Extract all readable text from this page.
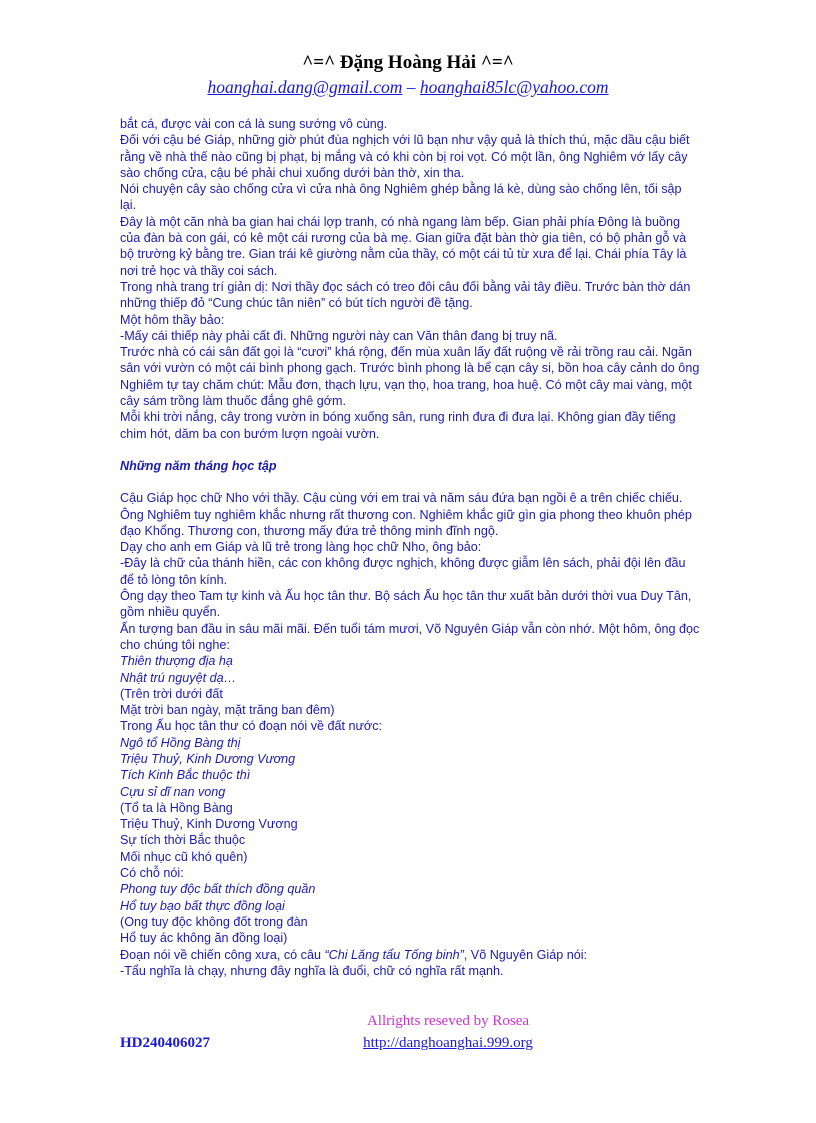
^=^ Đặng Hoàng Hải ^=^
hoanghai.dang@gmail.com – hoanghai85lc@yahoo.com

bắt cá, được vài con cá là sung sướng vô cùng.

Đối với cậu bé Giáp, những giờ phút đùa nghịch với lũ bạn như vậy quả là thích thú, mặc dầu cậu biết rằng về nhà thế nào cũng bị phạt, bị mắng và có khi còn bị roi vọt. Có một lần, ông Nghiêm vớ lấy cây sào chống cửa, cậu bé phải chui xuống dưới bàn thờ, xin tha.

Nói chuyện cây sào chống cửa vì cửa nhà ông Nghiêm ghép bằng lá kè, dùng sào chống lên, tối sập lại.

Đây là một căn nhà ba gian hai chái lợp tranh, có nhà ngang làm bếp. Gian phải phía Đông là buồng của đàn bà con gái, có kê một cái rương của bà mẹ. Gian giữa đặt bàn thờ gia tiên, có bộ phản gỗ và bộ trường kỷ bằng tre. Gian trái kê giường nằm của thầy, có một cái tủ từ xưa để lại. Chái phía Tây là nơi trẻ học và thầy coi sách.

Trong nhà trang trí giản dị: Nơi thầy đọc sách có treo đôi câu đối bằng vải tây điều. Trước bàn thờ dán những thiếp đỏ “Cung chúc tân niên” có bút tích người đề tặng.

Một hôm thầy bảo:

-Mấy cái thiếp này phải cất đi. Những người này can Văn thân đang bị truy nã.

Trước nhà có cái sân đất gọi là “cươi” khá rộng, đến mùa xuân lấy đất ruộng về rải trồng rau cải. Ngăn sân với vườn có một cái bình phong gạch. Trước bình phong là bể cạn cây si, bồn hoa cây cảnh do ông Nghiêm tự tay chăm chút: Mẫu đơn, thạch lựu, vạn thọ, hoa trang, hoa huệ. Có một cây mai vàng, một cây sám trồng làm thuốc đắng ghê gớm.

Mỗi khi trời nắng, cây trong vườn in bóng xuống sân, rung rinh đưa đi đưa lại. Không gian đầy tiếng chim hót, dăm ba con bướm lượn ngoài vườn.

Những năm tháng học tập

Cậu Giáp học chữ Nho với thầy. Cậu cùng với em trai và năm sáu đứa bạn ngồi ê a trên chiếc chiếu.

Ông Nghiêm tuy nghiêm khắc nhưng rất thương con. Nghiêm khắc giữ gìn gia phong theo khuôn phép đạo Khổng. Thương con, thương mấy đứa trẻ thông minh đĩnh ngộ.

Dạy cho anh em Giáp và lũ trẻ trong làng học chữ Nho, ông bảo:

-Đây là chữ của thánh hiền, các con không được nghịch, không được giẫm lên sách, phải đội lên đầu để tỏ lòng tôn kính.

Ông dạy theo Tam tự kinh và Ấu học tân thư. Bộ sách Ấu học tân thư xuất bản dưới thời vua Duy Tân, gồm nhiều quyển.

Ấn tượng ban đầu in sâu mãi mãi. Đến tuổi tám mươi, Võ Nguyên Giáp vẫn còn nhớ. Một hôm, ông đọc cho chúng tôi nghe:

Thiên thượng địa hạ

Nhật trú nguyệt dạ…

(Trên trời dưới đất

Mặt trời ban ngày, mặt trăng ban đêm)

Trong Ấu học tân thư có đoạn nói về đất nước:

Ngô tổ Hồng Bàng thị

Triệu Thuỷ, Kinh Dương Vương

Tích Kinh Bắc thuộc thì

Cựu sỉ dĩ nan vong

(Tổ ta là Hồng Bàng

Triệu Thuỷ, Kinh Dương Vương

Sự tích thời Bắc thuộc

Mối nhục cũ khó quên)

Có chỗ nói:

Phong tuy độc bất thích đồng quần

Hổ tuy bạo bất thực đồng loại

(Ong tuy độc không đốt trong đàn

Hổ tuy ác không ăn đồng loại)

Đoạn nói về chiến công xưa, có câu “Chi Lăng tẩu Tống binh”, Võ Nguyên Giáp nói:

-Tẩu nghĩa là chạy, nhưng đây nghĩa là đuổi, chữ có nghĩa rất mạnh.

Allrights reseved by Rosea
HD240406027	http://danghoanghai.999.org
